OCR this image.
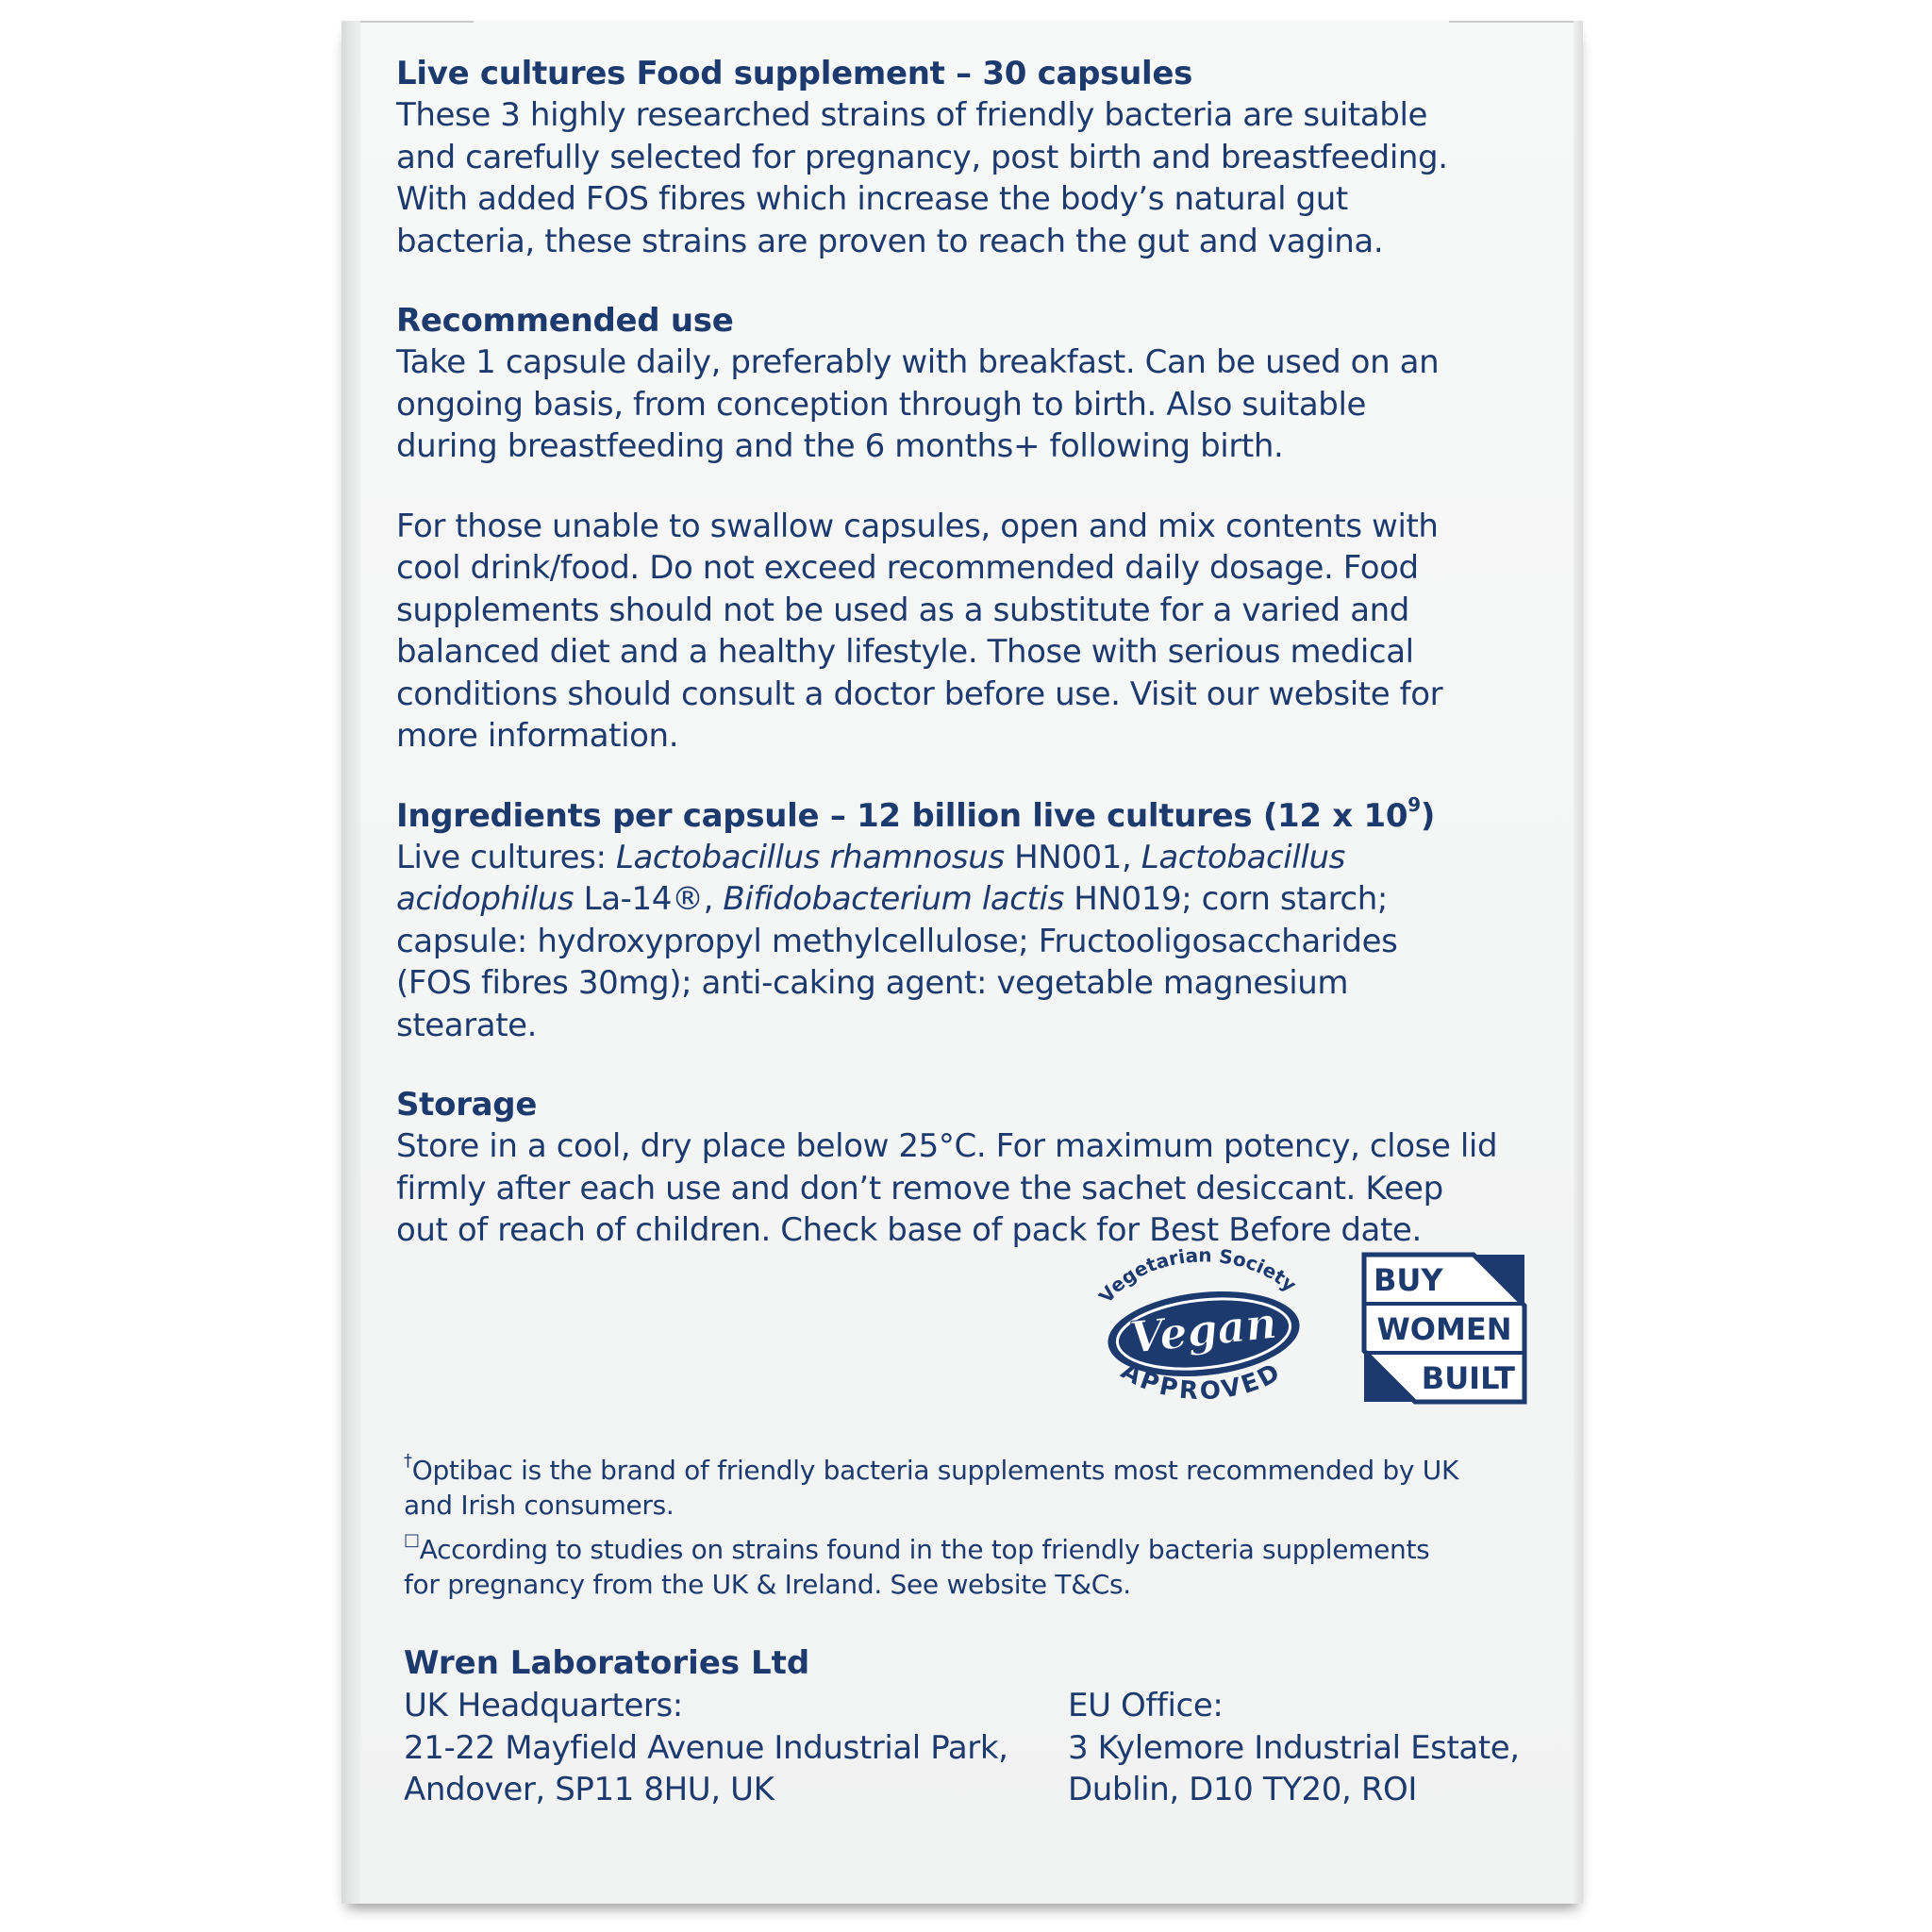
Live cultures Food supplement – 30 capsules

These 3 highly researched strains of friendly bacteria are suitable

and carefully selected for pregnancy, post birth and breastfeeding.

With added FOS fibres which increase the body’s natural gut

bacteria, these strains are proven to reach the gut and vagina.

Recommended use

Take 1 capsule daily, preferably with breakfast. Can be used on an

ongoing basis, from conception through to birth. Also suitable

during breastfeeding and the 6 months+ following birth.

For those unable to swallow capsules, open and mix contents with

cool drink/food. Do not exceed recommended daily dosage. Food

supplements should not be used as a substitute for a varied and

balanced diet and a healthy lifestyle. Those with serious medical

conditions should consult a doctor before use. Visit our website for

more information.

Ingredients per capsule – 12 billion live cultures (12 x $10^9$)

Live cultures: Lactobacillus rhamnosus HN001, Lactobacillus

acidophilus La-14®, Bifidobacterium lactis HN019; corn starch;

capsule: hydroxypropyl methylcellulose; Fructooligosaccharides

(FOS fibres 30mg); anti-caking agent: vegetable magnesium

stearate.

Storage

Store in a cool, dry place below 25°C. For maximum potency, close lid

firmly after each use and don’t remove the sachet desiccant. Keep

out of reach of children. Check base of pack for Best Before date.

Vegetarian Society
Vegan
APPROVED
BUY
WOMEN
BUILT

†Optibac is the brand of friendly bacteria supplements most recommended by UK
and Irish consumers.

□According to studies on strains found in the top friendly bacteria supplements
for pregnancy from the UK & Ireland. See website T&Cs.

Wren Laboratories Ltd

UK Headquarters:

21-22 Mayfield Avenue Industrial Park,

Andover, SP11 8HU, UK

EU Office:

3 Kylemore Industrial Estate,

Dublin, D10 TY20, ROI
